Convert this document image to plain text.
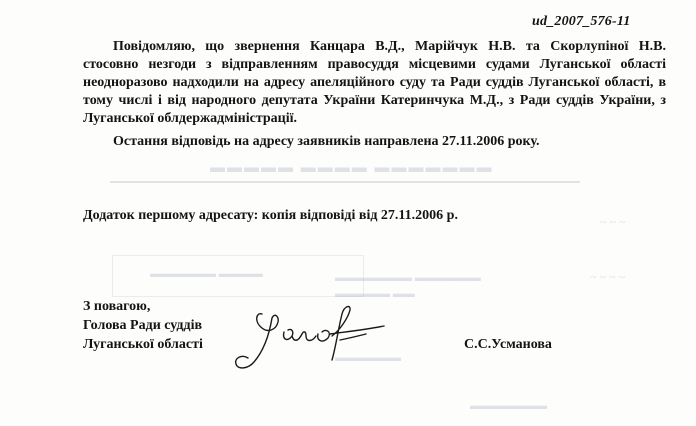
▬▬▬▬▬ ▬▬▬▬ ▬▬▬▬▬▬▬
▬▬▬▬▬▬ ▬▬▬▬	▬▬▬▬▬▬▬ ▬▬▬▬▬▬
▬▬▬▬▬ ▬▬
▬▬▬▬▬▬
▬▬▬▬▬▬▬
~ ~ ~
~ ~ ~ ~
ud_2007_576-11
Повідомляю, що звернення Канцара В.Д., Марійчук Н.В. та Скорлупіної Н.В.
стосовно незгоди з відправленням правосуддя місцевими судами Луганської області
неодноразово надходили на адресу апеляційного суду та Ради суддів Луганської області, в
тому числі і від народного депутата України Катеринчука М.Д., з Ради суддів України, з
Луганської облдержадміністрації.
Остання відповідь на адресу заявників направлена 27.11.2006 року.
Додаток першому адресату: копія відповіді від 27.11.2006 р.
З повагою,
Голова Ради суддів
Луганської області	С.С.Усманова
